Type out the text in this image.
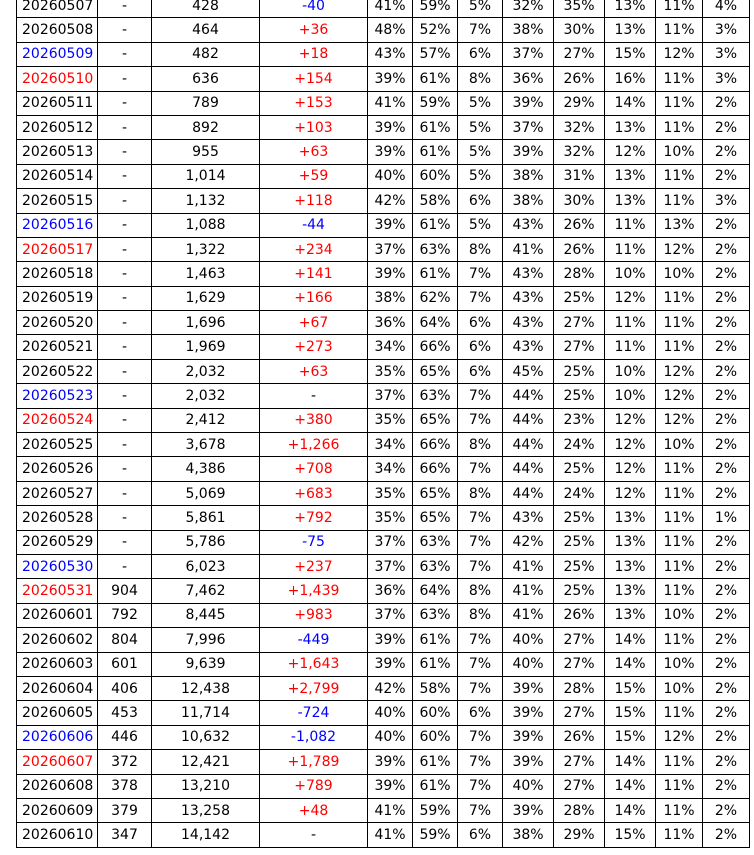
20260507	-	428	-40	41%	59%	5%	32%	35%	13%	11%	4%
20260508	-	464	+36	48%	52%	7%	38%	30%	13%	11%	3%
20260509	-	482	+18	43%	57%	6%	37%	27%	15%	12%	3%
20260510	-	636	+154	39%	61%	8%	36%	26%	16%	11%	3%
20260511	-	789	+153	41%	59%	5%	39%	29%	14%	11%	2%
20260512	-	892	+103	39%	61%	5%	37%	32%	13%	11%	2%
20260513	-	955	+63	39%	61%	5%	39%	32%	12%	10%	2%
20260514	-	1,014	+59	40%	60%	5%	38%	31%	13%	11%	2%
20260515	-	1,132	+118	42%	58%	6%	38%	30%	13%	11%	3%
20260516	-	1,088	-44	39%	61%	5%	43%	26%	11%	13%	2%
20260517	-	1,322	+234	37%	63%	8%	41%	26%	11%	12%	2%
20260518	-	1,463	+141	39%	61%	7%	43%	28%	10%	10%	2%
20260519	-	1,629	+166	38%	62%	7%	43%	25%	12%	11%	2%
20260520	-	1,696	+67	36%	64%	6%	43%	27%	11%	11%	2%
20260521	-	1,969	+273	34%	66%	6%	43%	27%	11%	11%	2%
20260522	-	2,032	+63	35%	65%	6%	45%	25%	10%	12%	2%
20260523	-	2,032	-	37%	63%	7%	44%	25%	10%	12%	2%
20260524	-	2,412	+380	35%	65%	7%	44%	23%	12%	12%	2%
20260525	-	3,678	+1,266	34%	66%	8%	44%	24%	12%	10%	2%
20260526	-	4,386	+708	34%	66%	7%	44%	25%	12%	11%	2%
20260527	-	5,069	+683	35%	65%	8%	44%	24%	12%	11%	2%
20260528	-	5,861	+792	35%	65%	7%	43%	25%	13%	11%	1%
20260529	-	5,786	-75	37%	63%	7%	42%	25%	13%	11%	2%
20260530	-	6,023	+237	37%	63%	7%	41%	25%	13%	11%	2%
20260531	904	7,462	+1,439	36%	64%	8%	41%	25%	13%	11%	2%
20260601	792	8,445	+983	37%	63%	8%	41%	26%	13%	10%	2%
20260602	804	7,996	-449	39%	61%	7%	40%	27%	14%	11%	2%
20260603	601	9,639	+1,643	39%	61%	7%	40%	27%	14%	10%	2%
20260604	406	12,438	+2,799	42%	58%	7%	39%	28%	15%	10%	2%
20260605	453	11,714	-724	40%	60%	6%	39%	27%	15%	11%	2%
20260606	446	10,632	-1,082	40%	60%	7%	39%	26%	15%	12%	2%
20260607	372	12,421	+1,789	39%	61%	7%	39%	27%	14%	11%	2%
20260608	378	13,210	+789	39%	61%	7%	40%	27%	14%	11%	2%
20260609	379	13,258	+48	41%	59%	7%	39%	28%	14%	11%	2%
20260610	347	14,142	-	41%	59%	6%	38%	29%	15%	11%	2%
